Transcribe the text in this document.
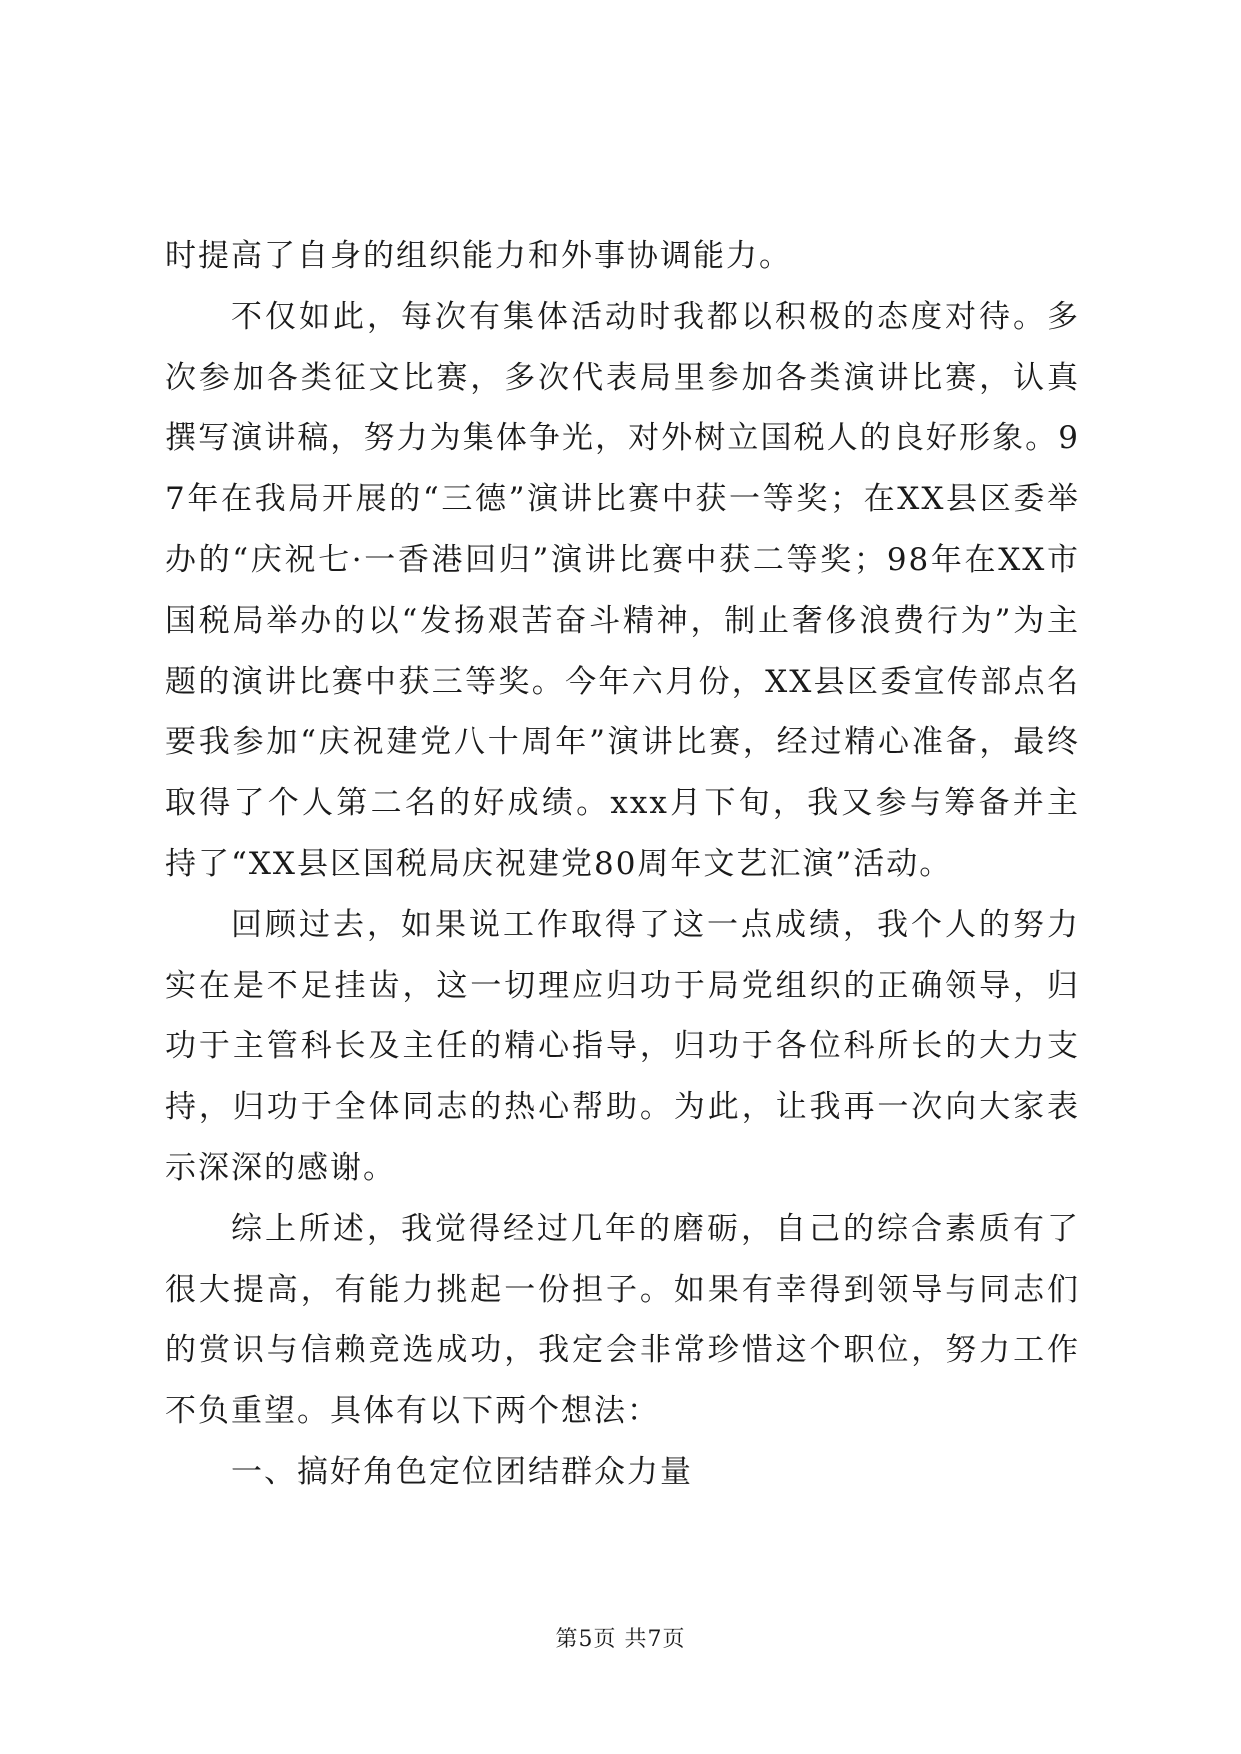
时提高了自身的组织能力和外事协调能力。

不仅如此，每次有集体活动时我都以积极的态度对待。多次参加各类征文比赛，多次代表局里参加各类演讲比赛，认真撰写演讲稿，努力为集体争光，对外树立国税人的良好形象。97年在我局开展的“三德”演讲比赛中获一等奖；在XX县区委举办的“庆祝七·一香港回归”演讲比赛中获二等奖；98年在XX市国税局举办的以“发扬艰苦奋斗精神，制止奢侈浪费行为”为主题的演讲比赛中获三等奖。今年六月份，XX县区委宣传部点名要我参加“庆祝建党八十周年”演讲比赛，经过精心准备，最终取得了个人第二名的好成绩。xxx月下旬，我又参与筹备并主持了“XX县区国税局庆祝建党80周年文艺汇演”活动。

回顾过去，如果说工作取得了这一点成绩，我个人的努力实在是不足挂齿，这一切理应归功于局党组织的正确领导，归功于主管科长及主任的精心指导，归功于各位科所长的大力支持，归功于全体同志的热心帮助。为此，让我再一次向大家表示深深的感谢。

综上所述，我觉得经过几年的磨砺，自己的综合素质有了很大提高，有能力挑起一份担子。如果有幸得到领导与同志们的赏识与信赖竞选成功，我定会非常珍惜这个职位，努力工作不负重望。具体有以下两个想法：

一、搞好角色定位团结群众力量

第5页 共7页
